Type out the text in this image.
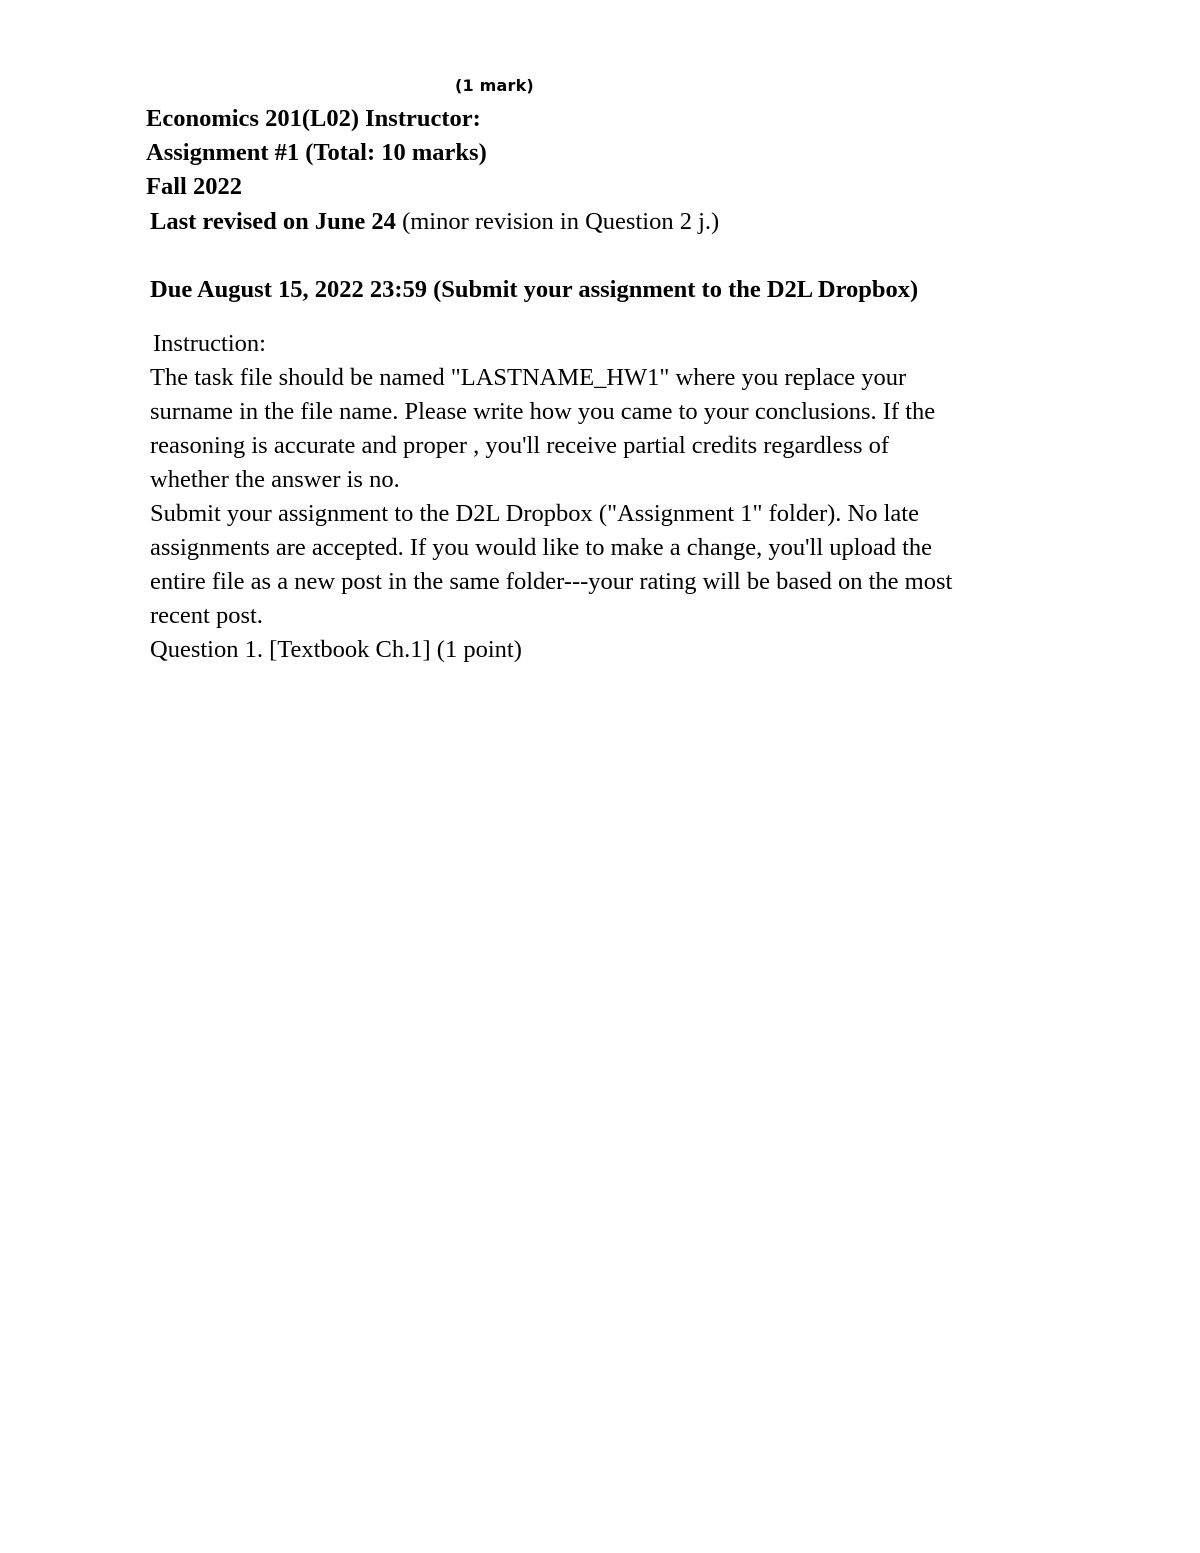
(1 mark)
Economics 201(L02) Instructor:
Assignment #1 (Total: 10 marks)
Fall 2022
Last revised on June 24 (minor revision in Question 2 j.)
Due August 15, 2022 23:59 (Submit your assignment to the D2L Dropbox)
Instruction:

The task file should be named "LASTNAME_HW1" where you replace your
surname in the file name. Please write how you came to your conclusions. If the
reasoning is accurate and proper , you'll receive partial credits regardless of
whether the answer is no.

Submit your assignment to the D2L Dropbox ("Assignment 1" folder). No late
assignments are accepted. If you would like to make a change, you'll upload the
entire file as a new post in the same folder---your rating will be based on the most
recent post.

Question 1. [Textbook Ch.1] (1 point)
